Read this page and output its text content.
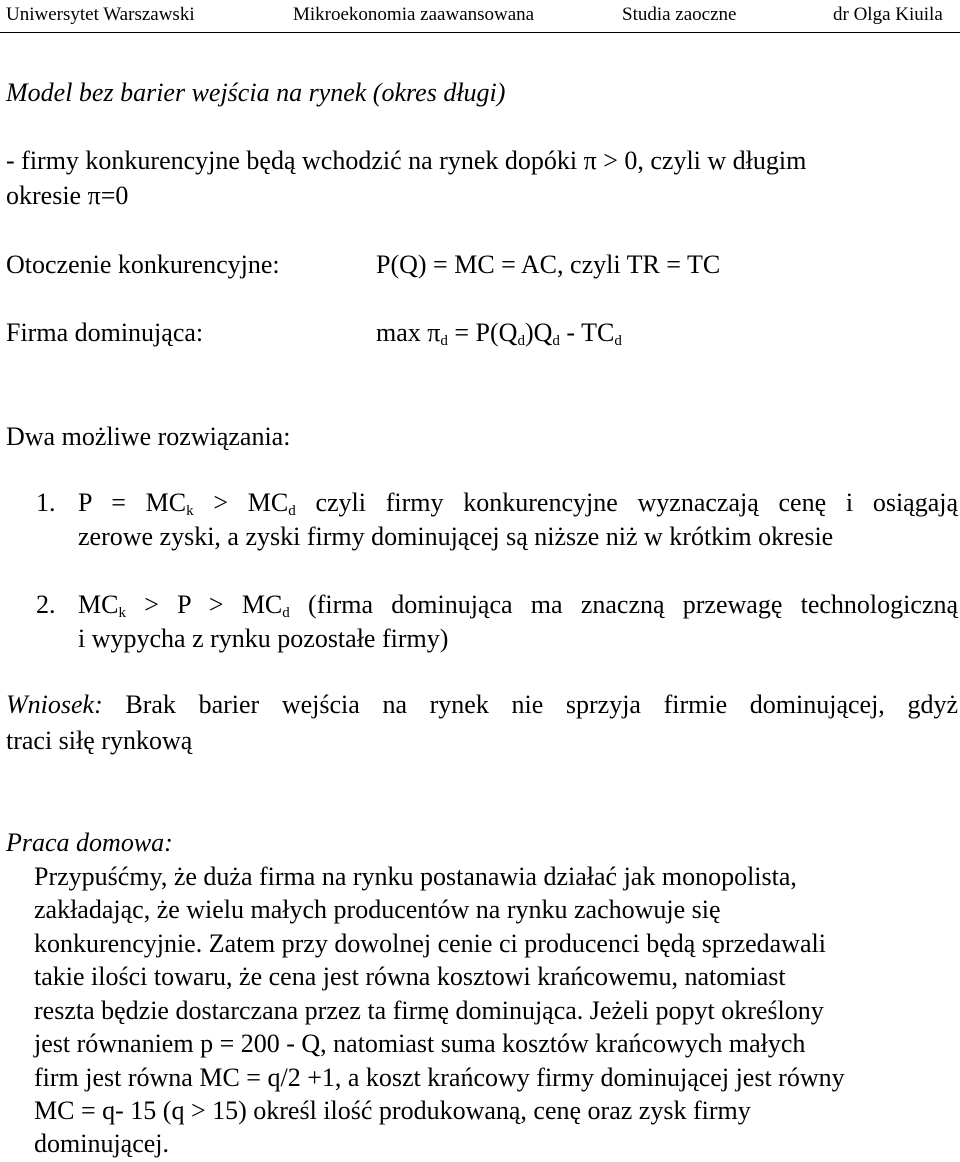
Uniwersytet Warszawski	Mikroekonomia zaawansowana	Studia zaoczne	dr Olga Kiuila
Model bez barier wejścia na rynek (okres długi)
- firmy konkurencyjne będą wchodzić na rynek dopóki π > 0, czyli w długim
okresie π=0
Otoczenie konkurencyjne:	P(Q) = MC = AC, czyli TR = TC
Firma dominująca:	$\max \pi_d = P(Q_d)Q_d - TC_d$
Dwa możliwe rozwiązania:
1. $P = MC_k > MC_d$ czyli firmy konkurencyjne wyznaczają cenę i osiągają
zerowe zyski, a zyski firmy dominującej są niższe niż w krótkim okresie
2. $MC_k > P > MC_d$ (firma dominująca ma znaczną przewagę technologiczną
i wypycha z rynku pozostałe firmy)
Wniosek: Brak barier wejścia na rynek nie sprzyja firmie dominującej, gdyż
traci siłę rynkową
Praca domowa:
Przypuśćmy, że duża firma na rynku postanawia działać jak monopolista,
zakładając, że wielu małych producentów na rynku zachowuje się
konkurencyjnie. Zatem przy dowolnej cenie ci producenci będą sprzedawali
takie ilości towaru, że cena jest równa kosztowi krańcowemu, natomiast
reszta będzie dostarczana przez ta firmę dominująca. Jeżeli popyt określony
jest równaniem p = 200 - Q, natomiast suma kosztów krańcowych małych
firm jest równa MC = q/2 +1, a koszt krańcowy firmy dominującej jest równy
MC = q- 15 (q > 15) określ ilość produkowaną, cenę oraz zysk firmy
dominującej.
